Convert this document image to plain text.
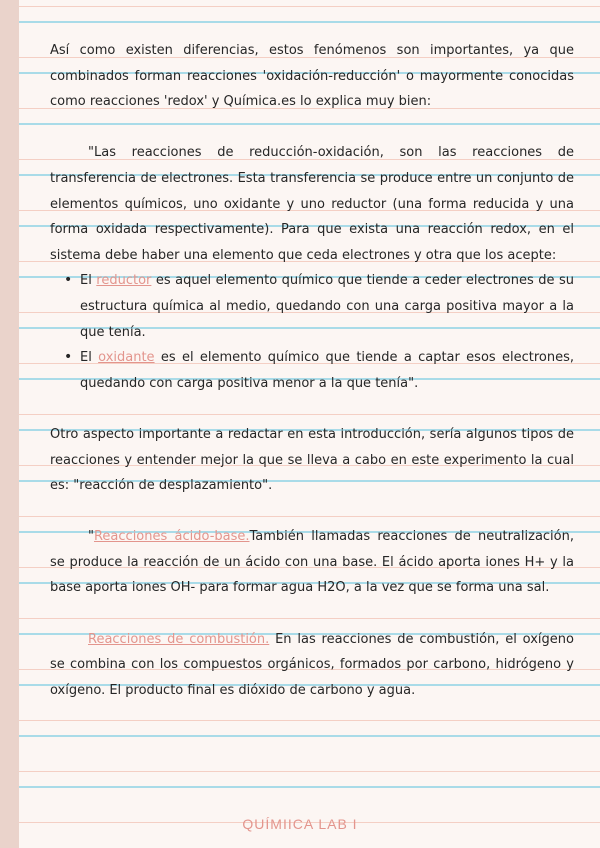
Así como existen diferencias, estos fenómenos son importantes, ya que combinados forman reacciones 'oxidación-reducción' o mayormente conocidas como reacciones 'redox' y Química.es lo explica muy bien:

"Las reacciones de reducción-oxidación, son las reacciones de transferencia de electrones. Esta transferencia se produce entre un conjunto de elementos químicos, uno oxidante y uno reductor (una forma reducida y una forma oxidada respectivamente). Para que exista una reacción redox, en el sistema debe haber una elemento que ceda electrones y otra que los acepte:

• El reductor es aquel elemento químico que tiende a ceder electrones de su estructura química al medio, quedando con una carga positiva mayor a la que tenía.
• El oxidante es el elemento químico que tiende a captar esos electrones, quedando con carga positiva menor a la que tenía".

Otro aspecto importante a redactar en esta introducción, sería algunos tipos de reacciones y entender mejor la que se lleva a cabo en este experimento la cual es: "reacción de desplazamiento".

"Reacciones ácido-base.También llamadas reacciones de neutralización, se produce la reacción de un ácido con una base. El ácido aporta iones H+ y la base aporta iones OH- para formar agua H2O, a la vez que se forma una sal.

Reacciones de combustión. En las reacciones de combustión, el oxígeno se combina con los compuestos orgánicos, formados por carbono, hidrógeno y oxígeno. El producto final es dióxido de carbono y agua.

QUÍMIICA LAB I
